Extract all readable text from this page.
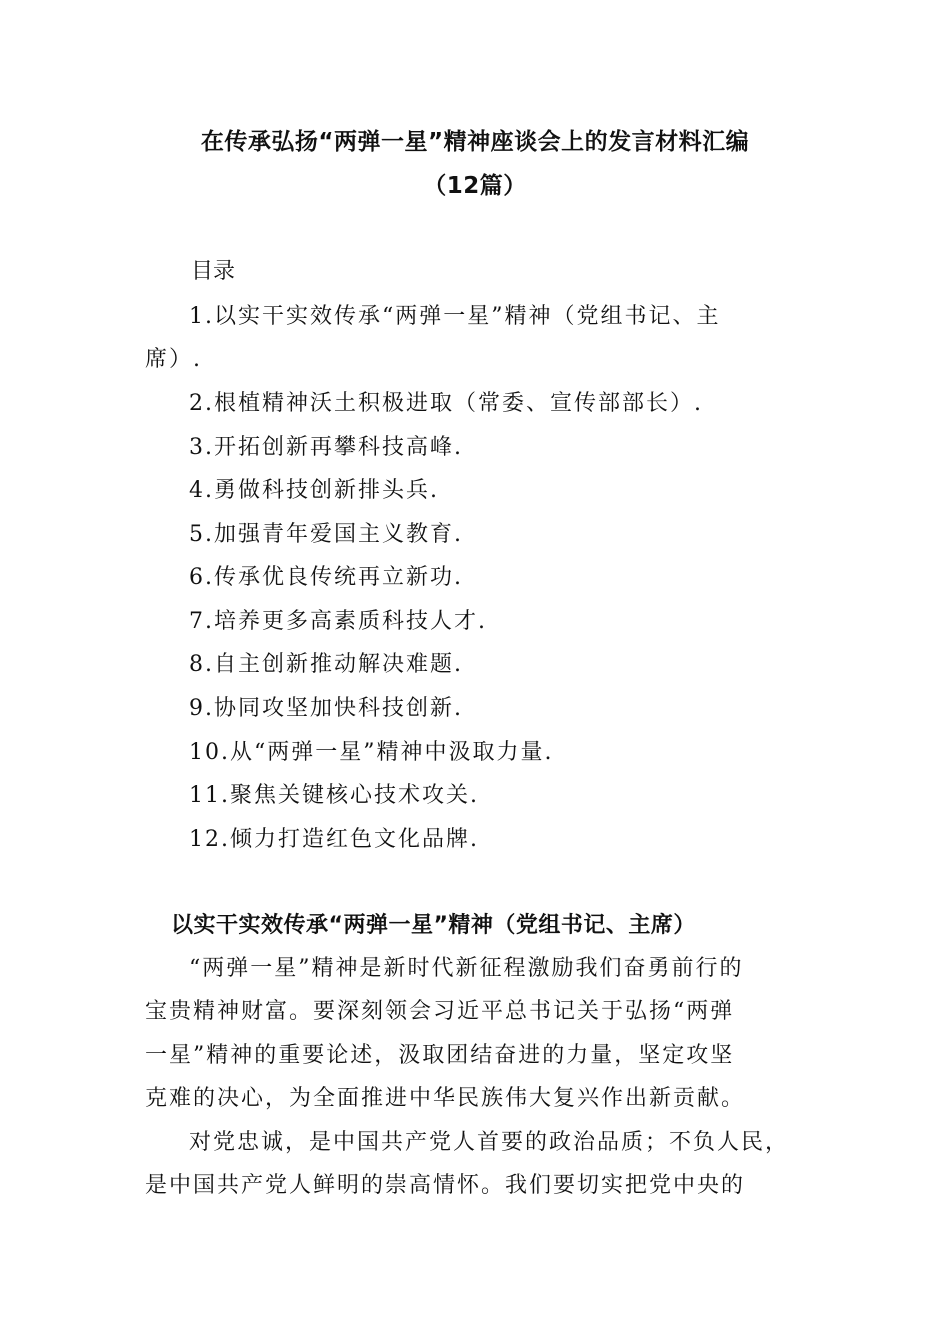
在传承弘扬“两弹一星”精神座谈会上的发言材料汇编
（12篇）
目录
1.以实干实效传承“两弹一星”精神（党组书记、主
席）.
2.根植精神沃土积极进取（常委、宣传部部长）.
3.开拓创新再攀科技高峰.
4.勇做科技创新排头兵.
5.加强青年爱国主义教育.
6.传承优良传统再立新功.
7.培养更多高素质科技人才.
8.自主创新推动解决难题.
9.协同攻坚加快科技创新.
10.从“两弹一星”精神中汲取力量.
11.聚焦关键核心技术攻关.
12.倾力打造红色文化品牌.
以实干实效传承“两弹一星”精神（党组书记、主席）
“两弹一星”精神是新时代新征程激励我们奋勇前行的
宝贵精神财富。要深刻领会习近平总书记关于弘扬“两弹
一星”精神的重要论述，汲取团结奋进的力量，坚定攻坚
克难的决心，为全面推进中华民族伟大复兴作出新贡献。
对党忠诚，是中国共产党人首要的政治品质；不负人民，
是中国共产党人鲜明的崇高情怀。我们要切实把党中央的
